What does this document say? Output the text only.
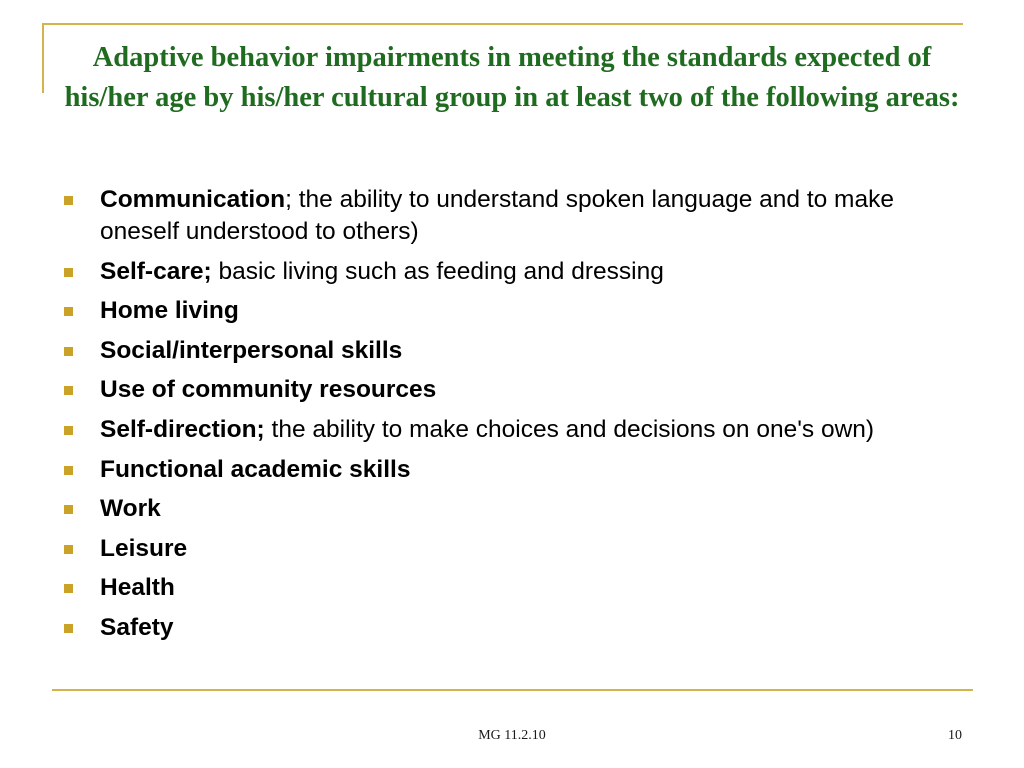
Adaptive behavior impairments in meeting the standards expected of his/her age by his/her cultural group in at least two of the following areas:
Communication; the ability to understand spoken language and to make oneself understood to others)
Self-care; basic living such as feeding and dressing
Home living
Social/interpersonal skills
Use of community resources
Self-direction; the ability to make choices and decisions on one's own)
Functional academic skills
Work
Leisure
Health
Safety
MG 11.2.10	10
